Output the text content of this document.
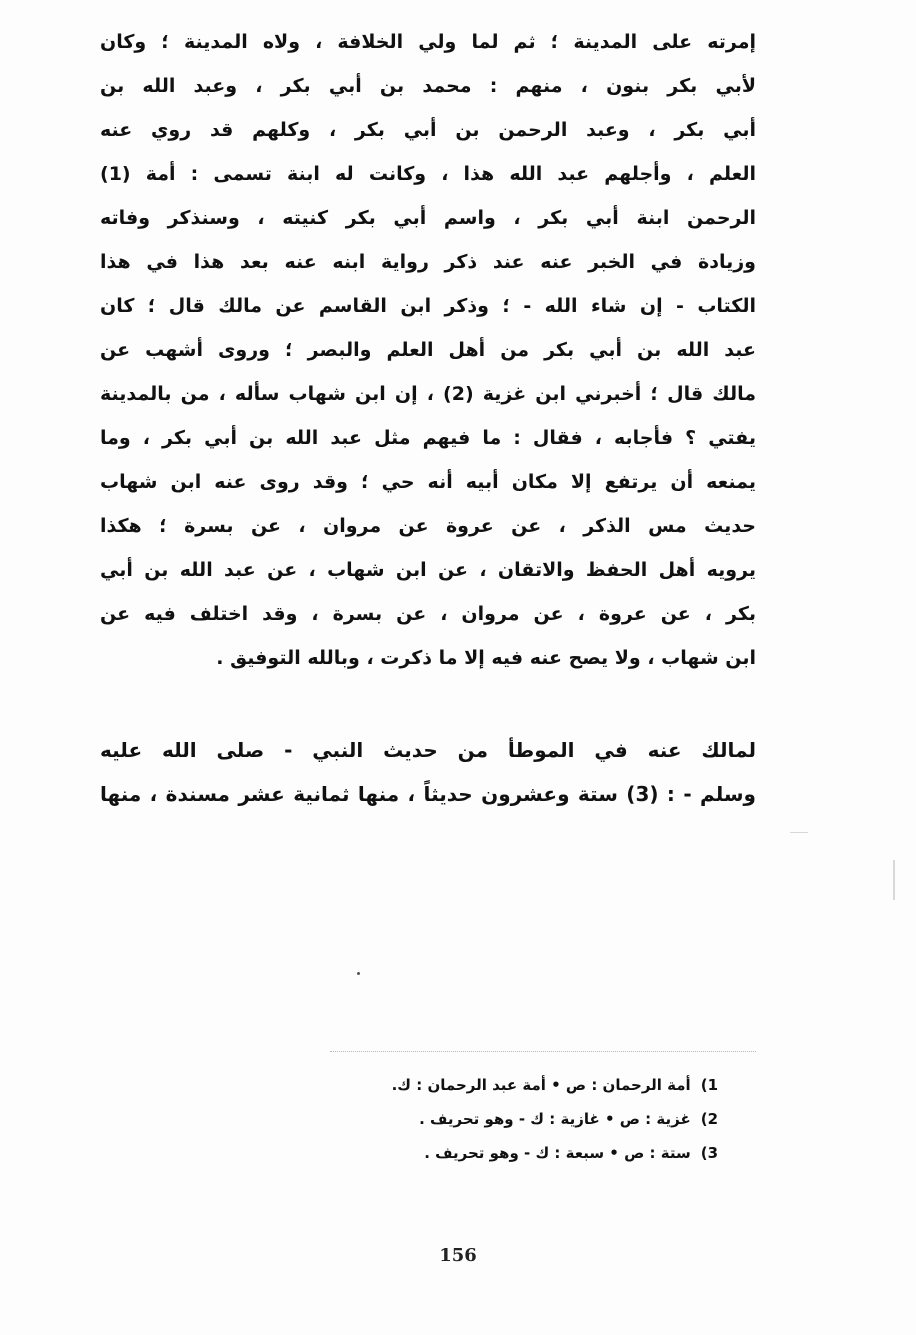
إمرته على المدينة ؛ ثم لما ولي الخلافة ، ولاه المدينة ؛ وكان
لأبي بكر بنون ، منهم : محمد بن أبي بكر ، وعبد الله بن
أبي بكر ، وعبد الرحمن بن أبي بكر ، وكلهم قد روي عنه
العلم ، وأجلهم عبد الله هذا ، وكانت له ابنة تسمى : أمة (1)
الرحمن ابنة أبي بكر ، واسم أبي بكر كنيته ، وسنذكر وفاته
وزيادة في الخبر عنه عند ذكر رواية ابنه عنه بعد هذا في هذا
الكتاب - إن شاء الله - ؛ وذكر ابن القاسم عن مالك قال ؛ كان
عبد الله بن أبي بكر من أهل العلم والبصر ؛ وروى أشهب عن
مالك قال ؛ أخبرني ابن غزية (2) ، إن ابن شهاب سأله ، من بالمدينة
يفتي ؟ فأجابه ، فقال : ما فيهم مثل عبد الله بن أبي بكر ، وما
يمنعه أن يرتفع إلا مكان أبيه أنه حي ؛ وقد روى عنه ابن شهاب
حديث مس الذكر ، عن عروة عن مروان ، عن بسرة ؛ هكذا
يرويه أهل الحفظ والاتقان ، عن ابن شهاب ، عن عبد الله بن أبي
بكر ، عن عروة ، عن مروان ، عن بسرة ، وقد اختلف فيه عن
ابن شهاب ، ولا يصح عنه فيه إلا ما ذكرت ، وبالله التوفيق .
لمالك عنه في الموطأ من حديث النبي - صلى الله عليه
وسلم - : (3) ستة وعشرون حديثاً ، منها ثمانية عشر مسندة ، منها
1)أمة الرحمان : ص • أمة عبد الرحمان : ك.
2)غزية : ص • غازية : ك - وهو تحريف .
3)ستة : ص • سبعة : ك - وهو تحريف .
156
